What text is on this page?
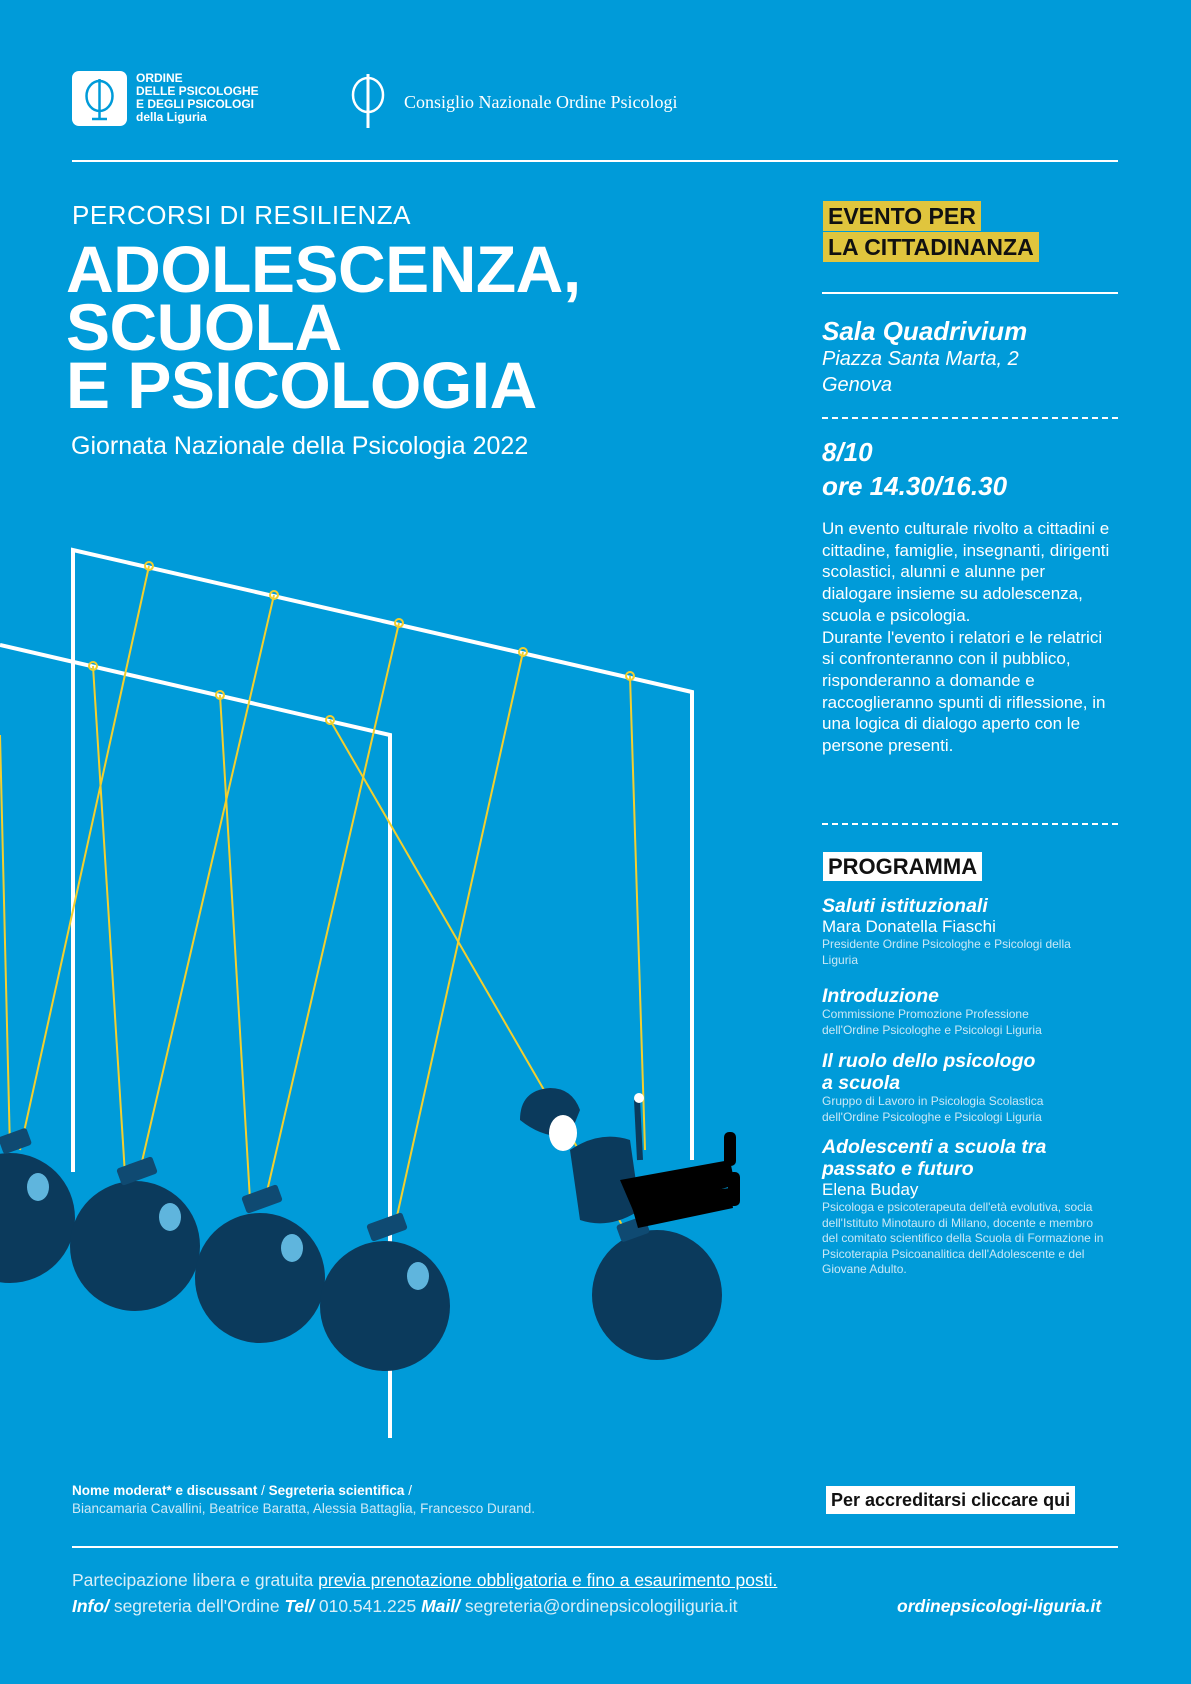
ORDINE
DELLE PSICOLOGHE
E DEGLI PSICOLOGI
della Liguria
Consiglio Nazionale Ordine Psicologi
PERCORSI DI RESILIENZA
ADOLESCENZA,
SCUOLA
E PSICOLOGIA
Giornata Nazionale della Psicologia 2022
EVENTO PER
LA CITTADINANZA
Sala Quadrivium
Piazza Santa Marta, 2
Genova
8/10
ore 14.30/16.30
Un evento culturale rivolto a cittadini e cittadine, famiglie, insegnanti, dirigenti scolastici, alunni e alunne per dialogare insieme su adolescenza, scuola e psicologia.
Durante l'evento i relatori e le relatrici si confronteranno con il pubblico, risponderanno a domande e raccoglieranno spunti di riflessione, in una logica di dialogo aperto con le persone presenti.
PROGRAMMA
Saluti istituzionali
Mara Donatella Fiaschi
Presidente Ordine Psicologhe e Psicologi della Liguria
Introduzione
Commissione Promozione Professione dell'Ordine Psicologhe e Psicologi Liguria
Il ruolo dello psicologo a scuola
Gruppo di Lavoro in Psicologia Scolastica dell'Ordine Psicologhe e Psicologi Liguria
Adolescenti a scuola tra passato e futuro
Elena Buday
Psicologa e psicoterapeuta dell'età evolutiva, socia dell'Istituto Minotauro di Milano, docente e membro del comitato scientifico della Scuola di Formazione in Psicoterapia Psicoanalitica dell'Adolescente e del Giovane Adulto.
Nome moderat* e discussant / Segreteria scientifica /
Biancamaria Cavallini, Beatrice Baratta, Alessia Battaglia, Francesco Durand.	Per accreditarsi cliccare qui
Partecipazione libera e gratuita previa prenotazione obbligatoria e fino a esaurimento posti.
Info/ segreteria dell'Ordine Tel/ 010.541.225 Mail/ segreteria@ordinepsicologiliguria.it	ordinepsicologi-liguria.it
